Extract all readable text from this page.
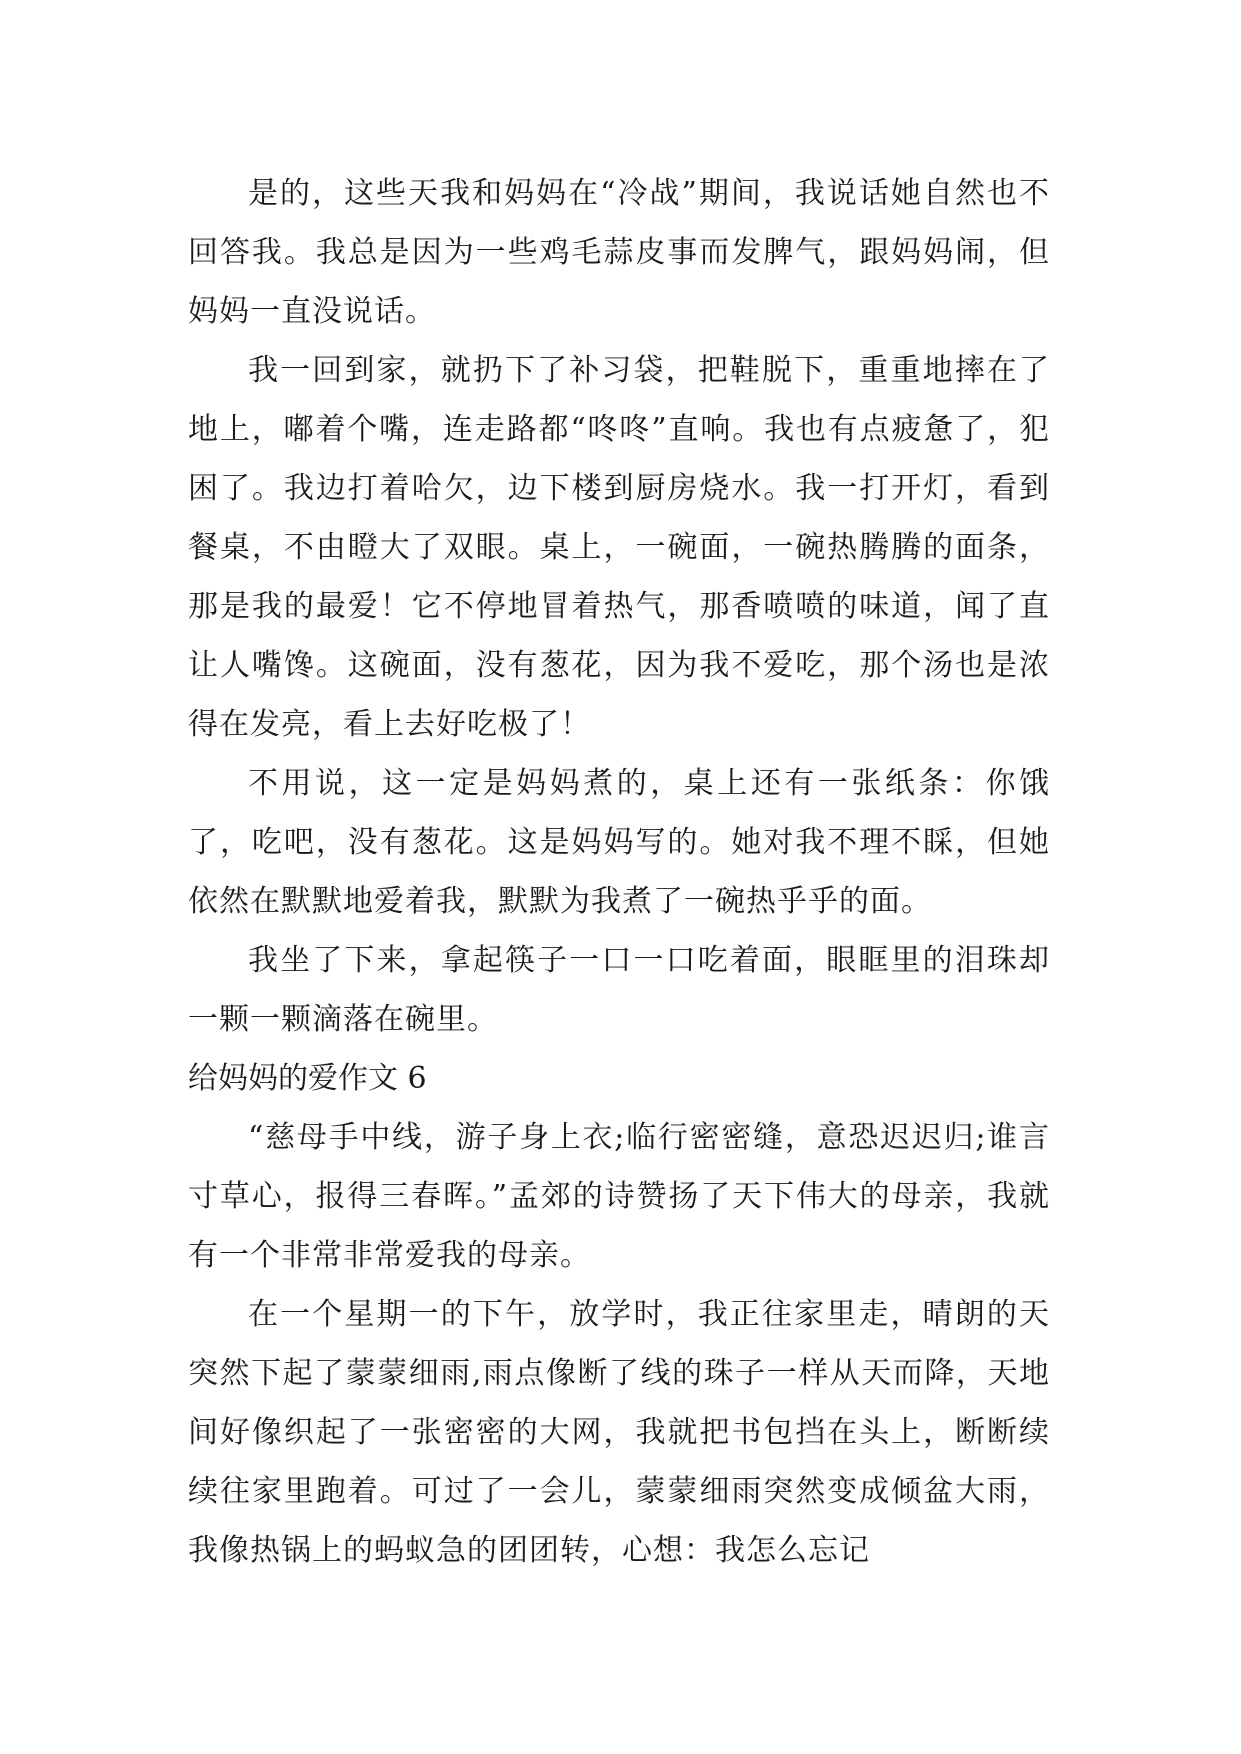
是的，这些天我和妈妈在“冷战”期间，我说话她自然也不回答我。我总是因为一些鸡毛蒜皮事而发脾气，跟妈妈闹，但妈妈一直没说话。

我一回到家，就扔下了补习袋，把鞋脱下，重重地摔在了地上，嘟着个嘴，连走路都“咚咚”直响。我也有点疲惫了，犯困了。我边打着哈欠，边下楼到厨房烧水。我一打开灯，看到餐桌，不由瞪大了双眼。桌上，一碗面，一碗热腾腾的面条，那是我的最爱！它不停地冒着热气，那香喷喷的味道，闻了直让人嘴馋。这碗面，没有葱花，因为我不爱吃，那个汤也是浓得在发亮，看上去好吃极了！

不用说，这一定是妈妈煮的，桌上还有一张纸条：你饿了，吃吧，没有葱花。这是妈妈写的。她对我不理不睬，但她依然在默默地爱着我，默默为我煮了一碗热乎乎的面。

我坐了下来，拿起筷子一口一口吃着面，眼眶里的泪珠却一颗一颗滴落在碗里。

给妈妈的爱作文 6

“慈母手中线，游子身上衣;临行密密缝，意恐迟迟归;谁言寸草心，报得三春晖。”孟郊的诗赞扬了天下伟大的母亲，我就有一个非常非常爱我的母亲。

在一个星期一的下午，放学时，我正往家里走，晴朗的天突然下起了蒙蒙细雨,雨点像断了线的珠子一样从天而降，天地间好像织起了一张密密的大网，我就把书包挡在头上，断断续续往家里跑着。可过了一会儿，蒙蒙细雨突然变成倾盆大雨，我像热锅上的蚂蚁急的团团转，心想：我怎么忘记
